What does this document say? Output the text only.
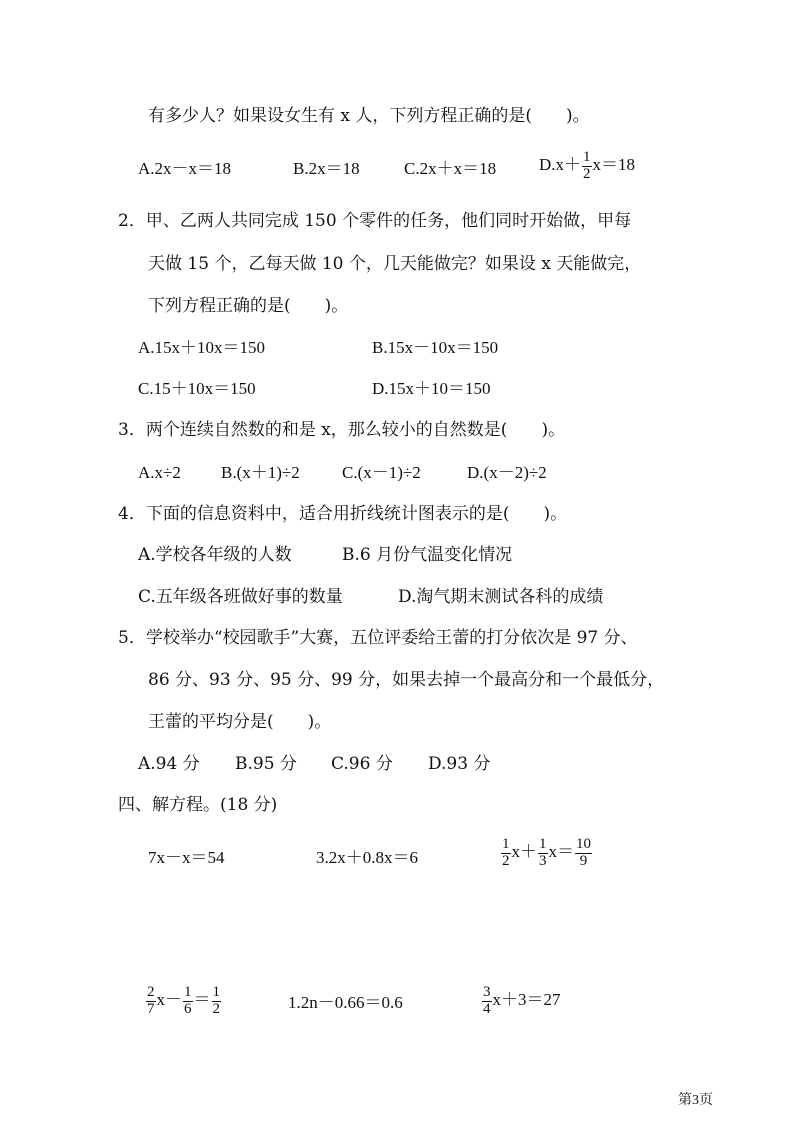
有多少人？如果设女生有 x 人，下列方程正确的是(　　)。
A.2x－x＝18	B.2x＝18	C.2x＋x＝18	$D.x+ \frac{1}{2} x=18$
2．甲、乙两人共同完成 150 个零件的任务，他们同时开始做，甲每
天做 15 个，乙每天做 10 个，几天能做完？如果设 x 天能做完，
下列方程正确的是(　　)。
A.15x＋10x＝150	B.15x－10x＝150
C.15＋10x＝150	D.15x＋10＝150
3．两个连续自然数的和是 x，那么较小的自然数是(　　)。
A.x÷2 B.(x＋1)÷2 C.(x－1)÷2	D.(x－2)÷2
4．下面的信息资料中，适合用折线统计图表示的是(　　)。
A.学校各年级的人数	B.6 月份气温变化情况
C.五年级各班做好事的数量	D.淘气期末测试各科的成绩
5．学校举办“校园歌手”大赛，五位评委给王蕾的打分依次是 97 分、
86 分、93 分、95 分、99 分，如果去掉一个最高分和一个最低分，
王蕾的平均分是(　　)。
A.94 分 B.95 分 C.96 分 D.93 分
四、解方程。(18 分)
7x－x＝54	3.2x＋0.8x＝6	$\frac{1}{2} x+ \frac{1}{3} x= \frac{10}{9}$
$\frac{2}{7} x- \frac{1}{6} = \frac{1}{2}$	1.2n－0.66＝0.6	$\frac{3}{4} x+3=27$
第3页
